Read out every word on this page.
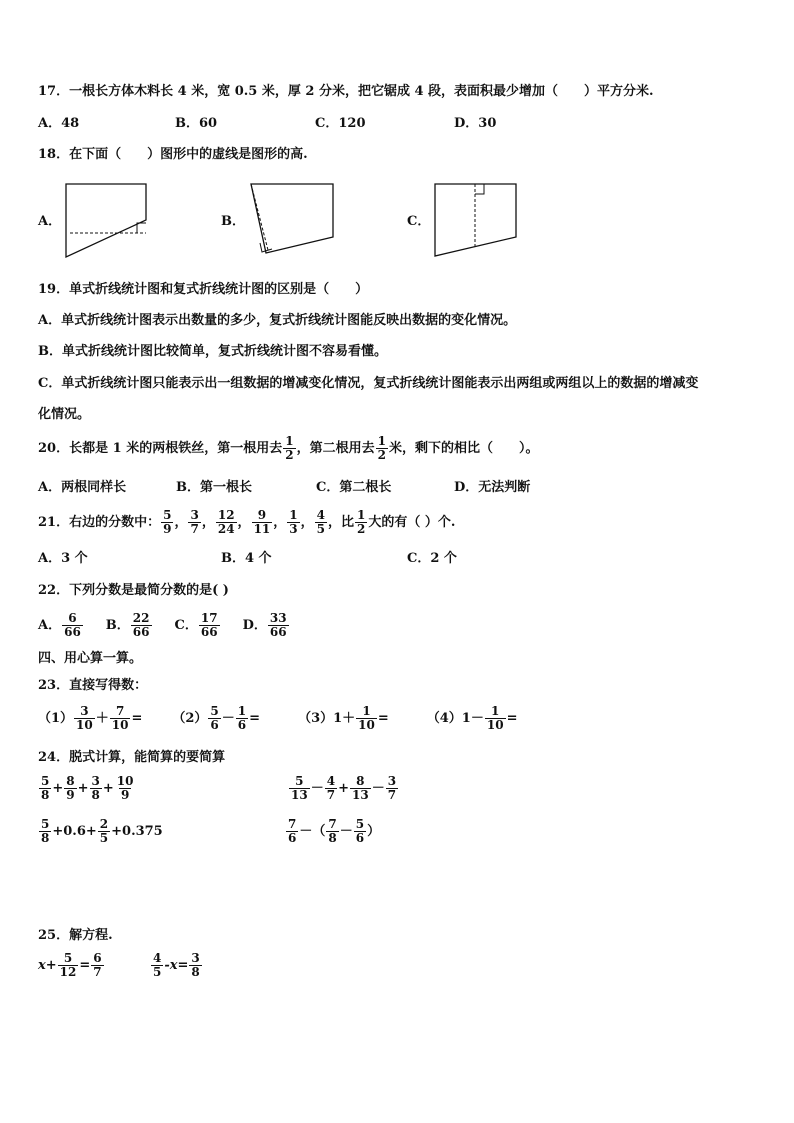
17．一根长方体木料长 4 米，宽 0.5 米，厚 2 分米，把它锯成 4 段，表面积最少增加（　　）平方分米.
A．48	B．60	C．120	D．30
18．在下面（　　）图形中的虚线是图形的高.
A．	B．	C．
19．单式折线统计图和复式折线统计图的区别是（　　）
A．单式折线统计图表示出数量的多少，复式折线统计图能反映出数据的变化情况。
B．单式折线统计图比较简单，复式折线统计图不容易看懂。
C．单式折线统计图只能表示出一组数据的增减变化情况，复式折线统计图能表示出两组或两组以上的数据的增减变
化情况。
20．长都是 1 米的两根铁丝，第一根用去 $\frac{1}{2}$ ，第二根用去 $\frac{1}{2}$ 米，剩下的相比（　　）。
A．两根同样长	B．第一根长	C．第二根长	D．无法判断
21．右边的分数中： $\frac{5}{9}$ ， $\frac{3}{7}$ ， $\frac{12}{24}$ ， $\frac{9}{11}$ ， $\frac{1}{3}$ ， $\frac{4}{5}$ ，比 $\frac{1}{2}$ 大的有（ ）个.
A．3 个	B．4 个	C．2 个
22．下列分数是最简分数的是( )
A． $\frac{6}{66}$ B． $\frac{22}{66}$ C． $\frac{17}{66}$ D． $\frac{33}{66}$
四、用心算一算。
23．直接写得数：
$(1) \frac{3}{10} + \frac{7}{10} = (2) \frac{5}{6} - \frac{1}{6}$ =	$(3)1+ \frac{1}{10}$ =	$(4)1- \frac{1}{10}$ =
24．脱式计算，能简算的要简算
$\frac{5}{8} + \frac{8}{9} + \frac{3}{8} + \frac{10}{9}$	$\frac{5}{13} - \frac{4}{7} + \frac{8}{13} - \frac{3}{7}$
$\frac{5}{8} +0.6+ \frac{2}{5} +0.375$	$\frac{7}{6}$ －（ $\frac{7}{8} - \frac{5}{6}$ ）
25．解方程.
$x+ \frac{5}{12} = \frac{6}{7}$	$\frac{4}{5} -x= \frac{3}{8}$
